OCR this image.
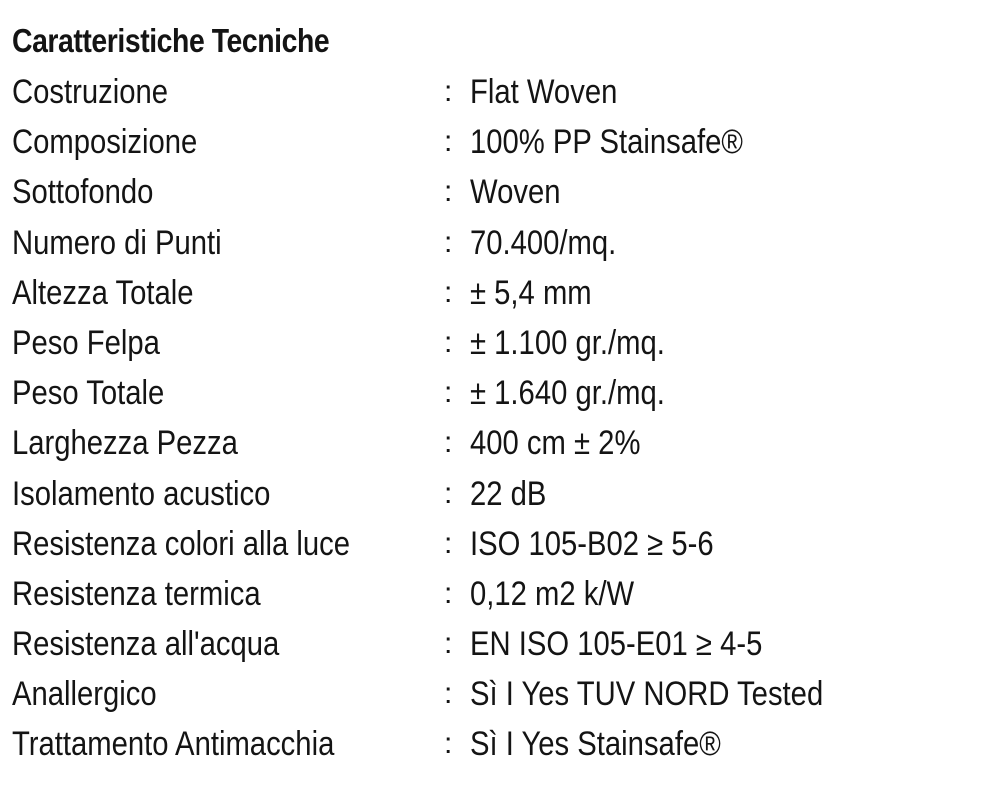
Caratteristiche Tecniche
Costruzione	: Flat Woven
Composizione	: 100% PP Stainsafe®
Sottofondo	: Woven
Numero di Punti	: 70.400/mq.
Altezza Totale	: ± 5,4 mm
Peso Felpa	: ± 1.100 gr./mq.
Peso Totale	: ± 1.640 gr./mq.
Larghezza Pezza	: 400 cm ± 2%
Isolamento acustico	: 22 dB
Resistenza colori alla luce	: ISO 105-B02 ≥ 5-6
Resistenza termica	: 0,12 m2 k/W
Resistenza all'acqua	: EN ISO 105-E01 ≥ 4-5
Anallergico	: Sì I Yes TUV NORD Tested
Trattamento Antimacchia	: Sì I Yes Stainsafe®
